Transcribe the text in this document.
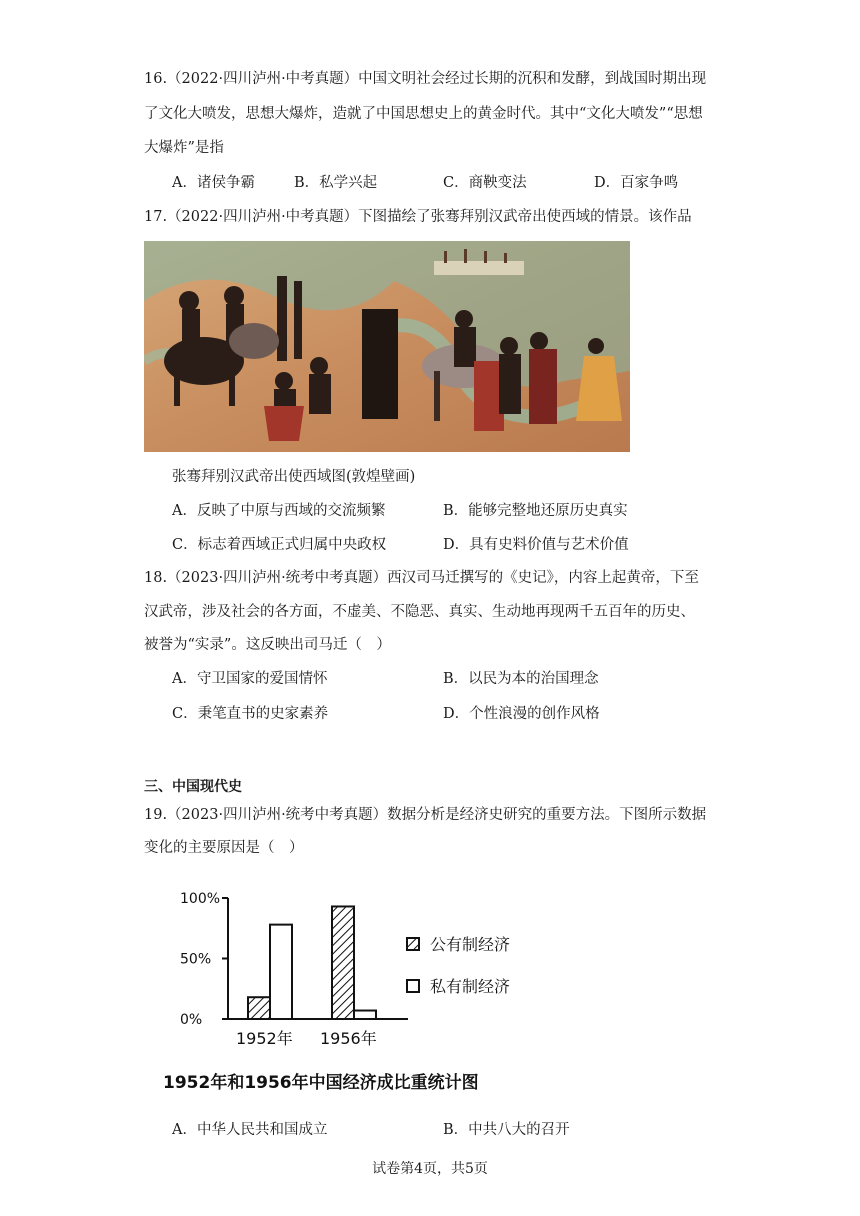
16.（2022·四川泸州·中考真题）中国文明社会经过长期的沉积和发酵，到战国时期出现
了文化大喷发，思想大爆炸，造就了中国思想史上的黄金时代。其中“文化大喷发”“思想
大爆炸”是指
A．诸侯争霸	B．私学兴起	C．商鞅变法	D．百家争鸣
17.（2022·四川泸州·中考真题）下图描绘了张骞拜别汉武帝出使西域的情景。该作品
张骞拜别汉武帝出使西域图(敦煌壁画)
A．反映了中原与西域的交流频繁	B．能够完整地还原历史真实
C．标志着西域正式归属中央政权	D．具有史料价值与艺术价值
18.（2023·四川泸州·统考中考真题）西汉司马迁撰写的《史记》，内容上起黄帝，下至
汉武帝，涉及社会的各方面，不虚美、不隐恶、真实、生动地再现两千五百年的历史、
被誉为“实录”。这反映出司马迁（　）
A．守卫国家的爱国情怀	B．以民为本的治国理念
C．秉笔直书的史家素养	D．个性浪漫的创作风格
三、中国现代史
19.（2023·四川泸州·统考中考真题）数据分析是经济史研究的重要方法。下图所示数据
变化的主要原因是（　）
100%
50%
0%
1952年 1956年
公有制经济
私有制经济
1952年和1956年中国经济成比重统计图
A．中华人民共和国成立	B．中共八大的召开
试卷第4页，共5页
